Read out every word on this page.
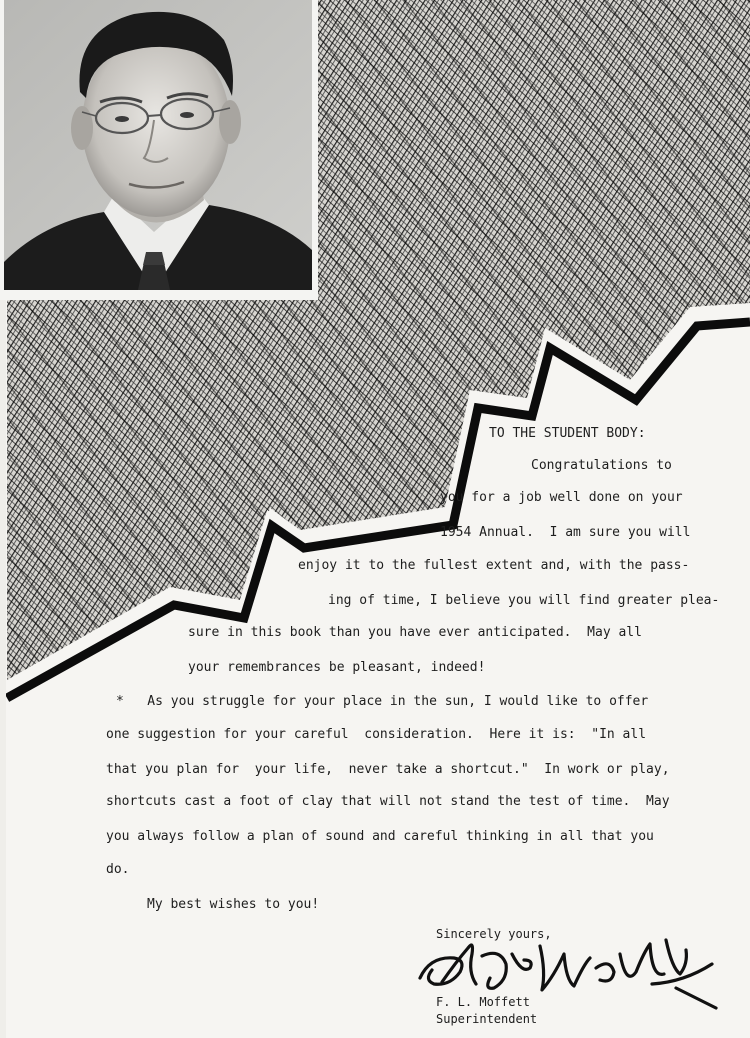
TO THE STUDENT BODY:

Congratulations to

you for a job well done on your

1954 Annual.  I am sure you will

enjoy it to the fullest extent and, with the pass-

ing of time, I believe you will find greater plea-

sure in this book than you have ever anticipated.  May all

your remembrances be pleasant, indeed!

*   As you struggle for your place in the sun, I would like to offer

one suggestion for your careful  consideration.  Here it is:  "In all

that you plan for  your life,  never take a shortcut."  In work or play,

shortcuts cast a foot of clay that will not stand the test of time.  May

you always follow a plan of sound and careful thinking in all that you

do.

My best wishes to you!

Sincerely yours,

F. L. Moffett

Superintendent
